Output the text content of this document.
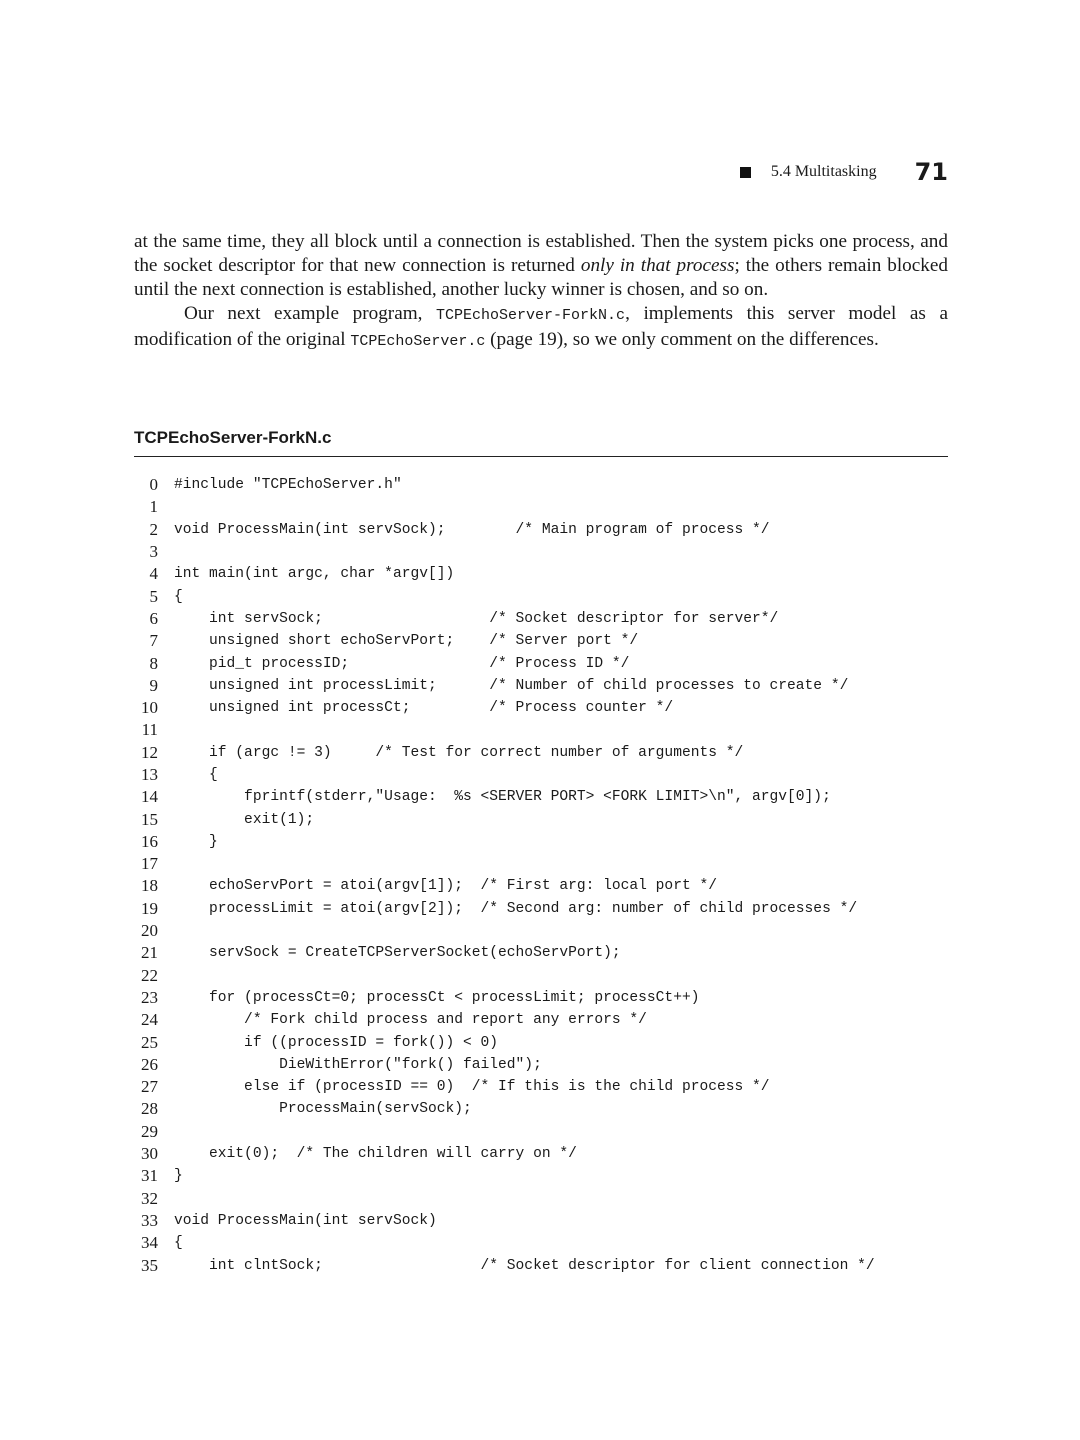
5.4 Multitasking 71

at the same time, they all block until a connection is established. Then the system picks one process, and the socket descriptor for that new connection is returned only in that process; the others remain blocked until the next connection is established, another lucky winner is chosen, and so on.

Our next example program, TCPEchoServer-ForkN.c, implements this server model as a modification of the original TCPEchoServer.c (page 19), so we only comment on the differences.

TCPEchoServer-ForkN.c
0 #include "TCPEchoServer.h"
1
2 void ProcessMain(int servSock);        /* Main program of process */
3
4 int main(int argc, char *argv[])
5 {
6 int servSock;                   /* Socket descriptor for server*/
7 unsigned short echoServPort;    /* Server port */
8 pid_t processID;                /* Process ID */
9 unsigned int processLimit;      /* Number of child processes to create */
10 unsigned int processCt;         /* Process counter */
11
12 if (argc != 3)     /* Test for correct number of arguments */
13 {
14 fprintf(stderr,"Usage:  %s <SERVER PORT> <FORK LIMIT>\n", argv[0]);
15 exit(1);
16 }
17
18 echoServPort = atoi(argv[1]);  /* First arg: local port */
19 processLimit = atoi(argv[2]);  /* Second arg: number of child processes */
20
21 servSock = CreateTCPServerSocket(echoServPort);
22
23 for (processCt=0; processCt < processLimit; processCt++)
24 /* Fork child process and report any errors */
25 if ((processID = fork()) < 0)
26 DieWithError("fork() failed");
27 else if (processID == 0)  /* If this is the child process */
28 ProcessMain(servSock);
29
30 exit(0);  /* The children will carry on */
31 }
32
33 void ProcessMain(int servSock)
34 {
35 int clntSock;                  /* Socket descriptor for client connection */
